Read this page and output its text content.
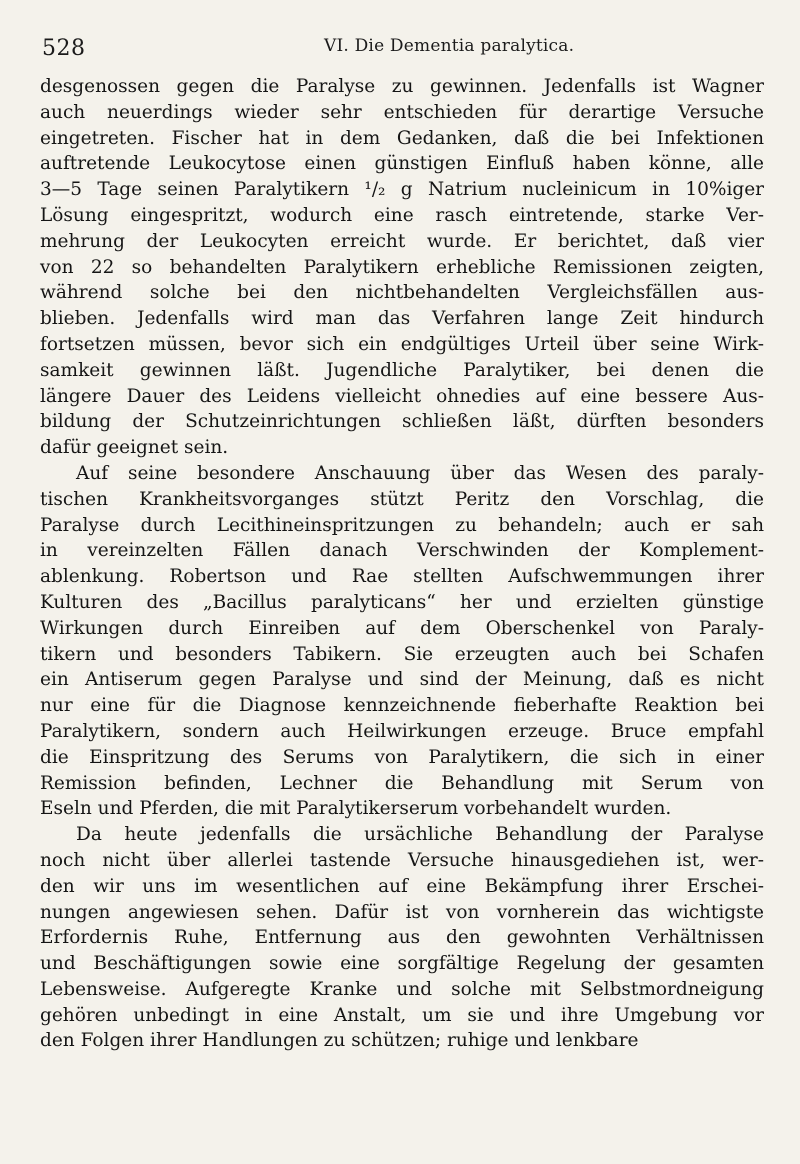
528	VI. Die Dementia paralytica.
desgenossen gegen die Paralyse zu gewinnen. Jedenfalls ist Wagner
auch neuerdings wieder sehr entschieden für derartige Versuche
eingetreten. Fischer hat in dem Gedanken, daß die bei Infektionen
auftretende Leukocytose einen günstigen Einfluß haben könne, alle
3—5 Tage seinen Paralytikern ¹/₂ g Natrium nucleinicum in 10%iger
Lösung eingespritzt, wodurch eine rasch eintretende, starke Ver-
mehrung der Leukocyten erreicht wurde. Er berichtet, daß vier
von 22 so behandelten Paralytikern erhebliche Remissionen zeigten,
während solche bei den nichtbehandelten Vergleichsfällen aus-
blieben. Jedenfalls wird man das Verfahren lange Zeit hindurch
fortsetzen müssen, bevor sich ein endgültiges Urteil über seine Wirk-
samkeit gewinnen läßt. Jugendliche Paralytiker, bei denen die
längere Dauer des Leidens vielleicht ohnedies auf eine bessere Aus-
bildung der Schutzeinrichtungen schließen läßt, dürften besonders
dafür geeignet sein.
Auf seine besondere Anschauung über das Wesen des paraly-
tischen Krankheitsvorganges stützt Peritz den Vorschlag, die
Paralyse durch Lecithineinspritzungen zu behandeln; auch er sah
in vereinzelten Fällen danach Verschwinden der Komplement-
ablenkung. Robertson und Rae stellten Aufschwemmungen ihrer
Kulturen des „Bacillus paralyticans“ her und erzielten günstige
Wirkungen durch Einreiben auf dem Oberschenkel von Paraly-
tikern und besonders Tabikern. Sie erzeugten auch bei Schafen
ein Antiserum gegen Paralyse und sind der Meinung, daß es nicht
nur eine für die Diagnose kennzeichnende fieberhafte Reaktion bei
Paralytikern, sondern auch Heilwirkungen erzeuge. Bruce empfahl
die Einspritzung des Serums von Paralytikern, die sich in einer
Remission befinden, Lechner die Behandlung mit Serum von
Eseln und Pferden, die mit Paralytikerserum vorbehandelt wurden.
Da heute jedenfalls die ursächliche Behandlung der Paralyse
noch nicht über allerlei tastende Versuche hinausgediehen ist, wer-
den wir uns im wesentlichen auf eine Bekämpfung ihrer Erschei-
nungen angewiesen sehen. Dafür ist von vornherein das wichtigste
Erfordernis Ruhe, Entfernung aus den gewohnten Verhältnissen
und Beschäftigungen sowie eine sorgfältige Regelung der gesamten
Lebensweise. Aufgeregte Kranke und solche mit Selbstmordneigung
gehören unbedingt in eine Anstalt, um sie und ihre Umgebung vor
den Folgen ihrer Handlungen zu schützen; ruhige und lenkbare
